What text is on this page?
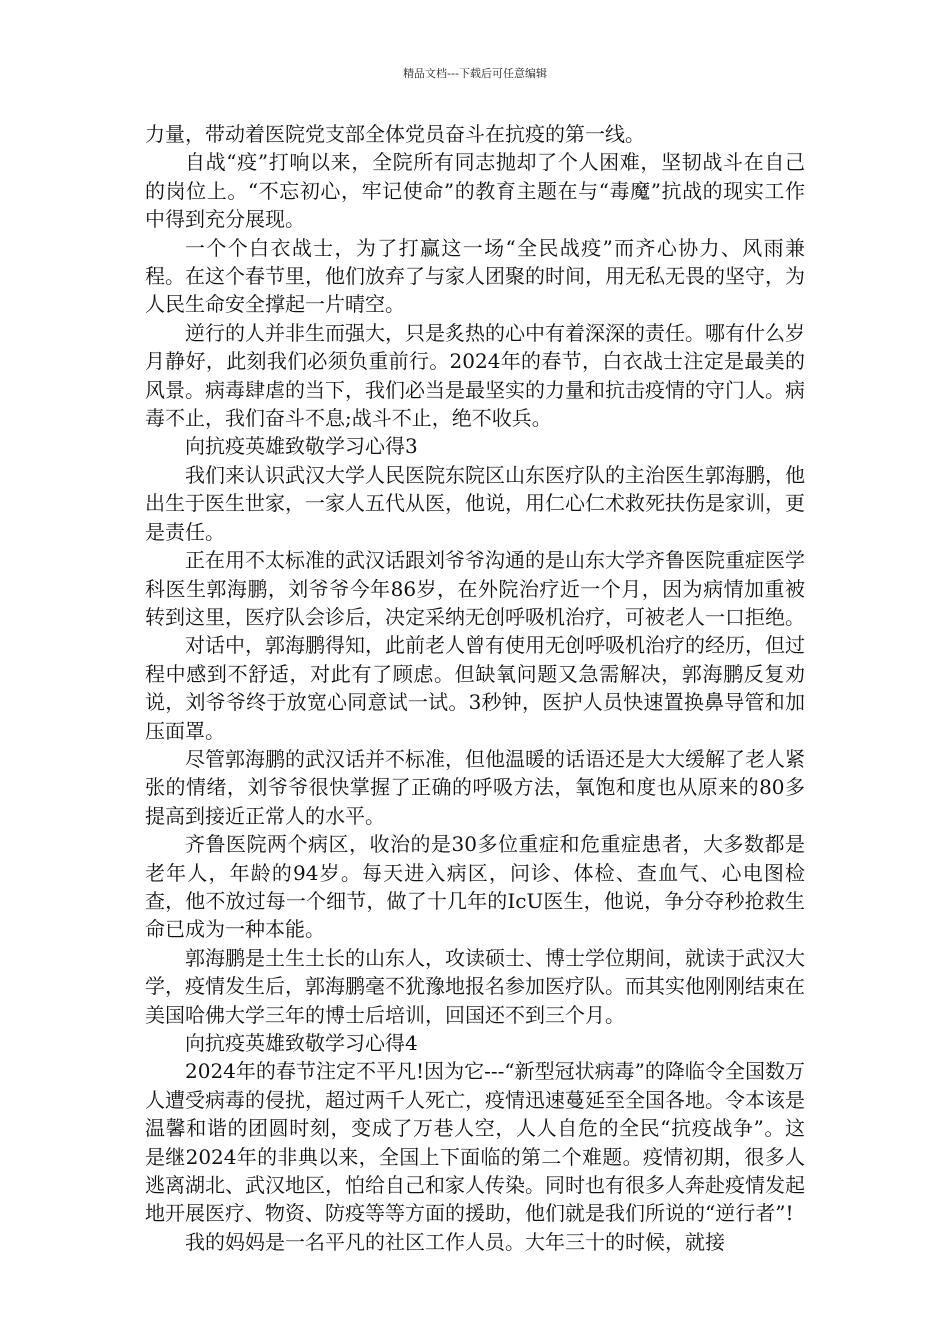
精品文档---下载后可任意编辑

力量，带动着医院党支部全体党员奋斗在抗疫的第一线。

自战“疫”打响以来，全院所有同志抛却了个人困难，坚韧战斗在自己的岗位上。“不忘初心，牢记使命”的教育主题在与“毒魔”抗战的现实工作中得到充分展现。

一个个白衣战士，为了打赢这一场“全民战疫”而齐心协力、风雨兼程。在这个春节里，他们放弃了与家人团聚的时间，用无私无畏的坚守，为人民生命安全撑起一片晴空。

逆行的人并非生而强大，只是炙热的心中有着深深的责任。哪有什么岁月静好，此刻我们必须负重前行。2024年的春节，白衣战士注定是最美的风景。病毒肆虐的当下，我们必当是最坚实的力量和抗击疫情的守门人。病毒不止，我们奋斗不息;战斗不止，绝不收兵。

向抗疫英雄致敬学习心得3

我们来认识武汉大学人民医院东院区山东医疗队的主治医生郭海鹏，他出生于医生世家，一家人五代从医，他说，用仁心仁术救死扶伤是家训，更是责任。

正在用不太标准的武汉话跟刘爷爷沟通的是山东大学齐鲁医院重症医学科医生郭海鹏，刘爷爷今年86岁，在外院治疗近一个月，因为病情加重被转到这里，医疗队会诊后，决定采纳无创呼吸机治疗，可被老人一口拒绝。

对话中，郭海鹏得知，此前老人曾有使用无创呼吸机治疗的经历，但过程中感到不舒适，对此有了顾虑。但缺氧问题又急需解决，郭海鹏反复劝说，刘爷爷终于放宽心同意试一试。3秒钟，医护人员快速置换鼻导管和加压面罩。

尽管郭海鹏的武汉话并不标准，但他温暖的话语还是大大缓解了老人紧张的情绪，刘爷爷很快掌握了正确的呼吸方法，氧饱和度也从原来的80多提高到接近正常人的水平。

齐鲁医院两个病区，收治的是30多位重症和危重症患者，大多数都是老年人，年龄的94岁。每天进入病区，问诊、体检、查血气、心电图检查，他不放过每一个细节，做了十几年的IcU医生，他说，争分夺秒抢救生命已成为一种本能。

郭海鹏是土生土长的山东人，攻读硕士、博士学位期间，就读于武汉大学，疫情发生后，郭海鹏毫不犹豫地报名参加医疗队。而其实他刚刚结束在美国哈佛大学三年的博士后培训，回国还不到三个月。

向抗疫英雄致敬学习心得4

2024年的春节注定不平凡!因为它---“新型冠状病毒”的降临令全国数万人遭受病毒的侵扰，超过两千人死亡，疫情迅速蔓延至全国各地。令本该是温馨和谐的团圆时刻，变成了万巷人空，人人自危的全民“抗疫战争”。这是继2024年的非典以来，全国上下面临的第二个难题。疫情初期，很多人逃离湖北、武汉地区，怕给自己和家人传染。同时也有很多人奔赴疫情发起地开展医疗、物资、防疫等等方面的援助，他们就是我们所说的“逆行者”!

我的妈妈是一名平凡的社区工作人员。大年三十的时候，就接
